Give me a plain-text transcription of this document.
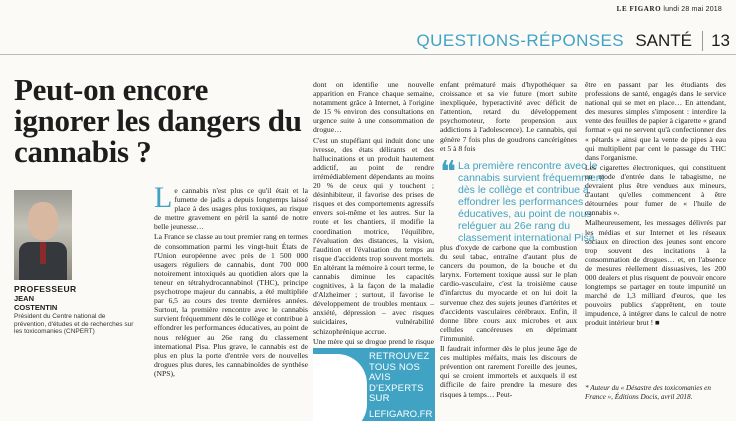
LE FIGARO lundi 28 mai 2018
QUESTIONS-RÉPONSES SANTÉ	13
Peut-on encore ignorer les dangers du cannabis ?
PROFESSEUR
JEAN
COSTENTIN
Président du Centre national de prévention, d'études et de recherches sur les toxicomanies (CNPERT)

Le cannabis n'est plus ce qu'il était et la fumette de jadis a depuis longtemps laissé place à des usages plus toxiques, au risque de mettre gravement en péril la santé de notre belle jeunesse…

La France se classe au tout premier rang en termes de consommation parmi les vingt-huit États de l'Union européenne avec près de 1 500 000 usagers réguliers de cannabis, dont 700 000 notoirement intoxiqués au quotidien alors que la teneur en tétrahydrocannabinol (THC), principe psychotrope majeur du cannabis, a été multipliée par 6,5 au cours des trente dernières années. Surtout, la première rencontre avec le cannabis survient fréquemment dès le collège et contribue à effondrer les performances éducatives, au point de nous reléguer au 26e rang du classement international Pisa. Plus grave, le cannabis est de plus en plus la porte d'entrée vers de nouvelles drogues plus dures, les cannabinoïdes de synthèse (NPS),

dont on identifie une nouvelle apparition en France chaque semaine, notamment grâce à Internet, à l'origine de 15 % environ des consultations en urgence suite à une consommation de drogue…

C'est un stupéfiant qui induit donc une ivresse, des états délirants et des hallucinations et un produit hautement addictif, au point de rendre irrémédiablement dépendants au moins 20 % de ceux qui y touchent ; désinhibiteur, il favorise des prises de risques et des comportements agressifs envers soi-même et les autres. Sur la route et les chantiers, il modifie la coordination motrice, l'équilibre, l'évaluation des distances, la vision, l'audition et l'évaluation du temps au risque d'accidents trop souvent mortels. En altérant la mémoire à court terme, le cannabis diminue les capacités cognitives, à la façon de la maladie d'Alzheimer ; surtout, il favorise le développement de troubles mentaux – anxiété, dépression – avec risques suicidaires, vulnérabilité schizophrénique accrue.

Une mère qui se drogue prend le risque

enfant prématuré mais d'hypothéquer sa croissance et sa vie future (mort subite inexpliquée, hyperactivité avec déficit de l'attention, retard du développement psychomoteur, forte propension aux addictions à l'adolescence). Le cannabis, qui génère 7 fois plus de goudrons cancérigènes et 5 à 8 fois

❝ La première rencontre avec le cannabis survient fréquemment dès le collège et contribue à effondrer les performances éducatives, au point de nous reléguer au 26e rang du classement international Pisa

plus d'oxyde de carbone que la combustion du seul tabac, entraîne d'autant plus de cancers du poumon, de la bouche et du larynx. Fortement toxique aussi sur le plan cardio-vasculaire, c'est la troisième cause d'infarctus du myocarde et on lui doit la survenue chez des sujets jeunes d'artérites et d'accidents vasculaires cérébraux. Enfin, il donne libre cours aux microbes et aux cellules cancéreuses en déprimant l'immunité.

Il faudrait informer dès le plus jeune âge de ces multiples méfaits, mais les discours de prévention ont rarement l'oreille des jeunes, qui se croient immortels et auxquels il est difficile de faire prendre la mesure des risques à temps… Peut-

être en passant par les étudiants des professions de santé, engagés dans le service national qui se met en place… En attendant, des mesures simples s'imposent : interdire la vente des feuilles de papier à cigarette « grand format » qui ne servent qu'à confectionner des « pétards » ainsi que la vente de pipes à eau qui multiplient par cent le passage du THC dans l'organisme.

Les cigarettes électroniques, qui constituent un mode d'entrée dans le tabagisme, ne devraient plus être vendues aux mineurs, d'autant qu'elles commencent à être détournées pour fumer de « l'huile de cannabis ».

Malheureusement, les messages délivrés par les médias et sur Internet et les réseaux sociaux en direction des jeunes sont encore trop souvent des incitations à la consommation de drogues… et, en l'absence de mesures réellement dissuasives, les 200 000 dealers et plus risquent de pouvoir encore longtemps se partager en toute impunité un marché de 1,3 milliard d'euros, que les pouvoirs publics s'apprêtent, en toute impudence, à intégrer dans le calcul de notre produit intérieur brut ! ■

RETROUVEZ TOUS NOS AVIS D'EXPERTS SUR
LEFIGARO.FR
* Auteur du « Désastre des toxicomanies en France », Éditions Docis, avril 2018.
